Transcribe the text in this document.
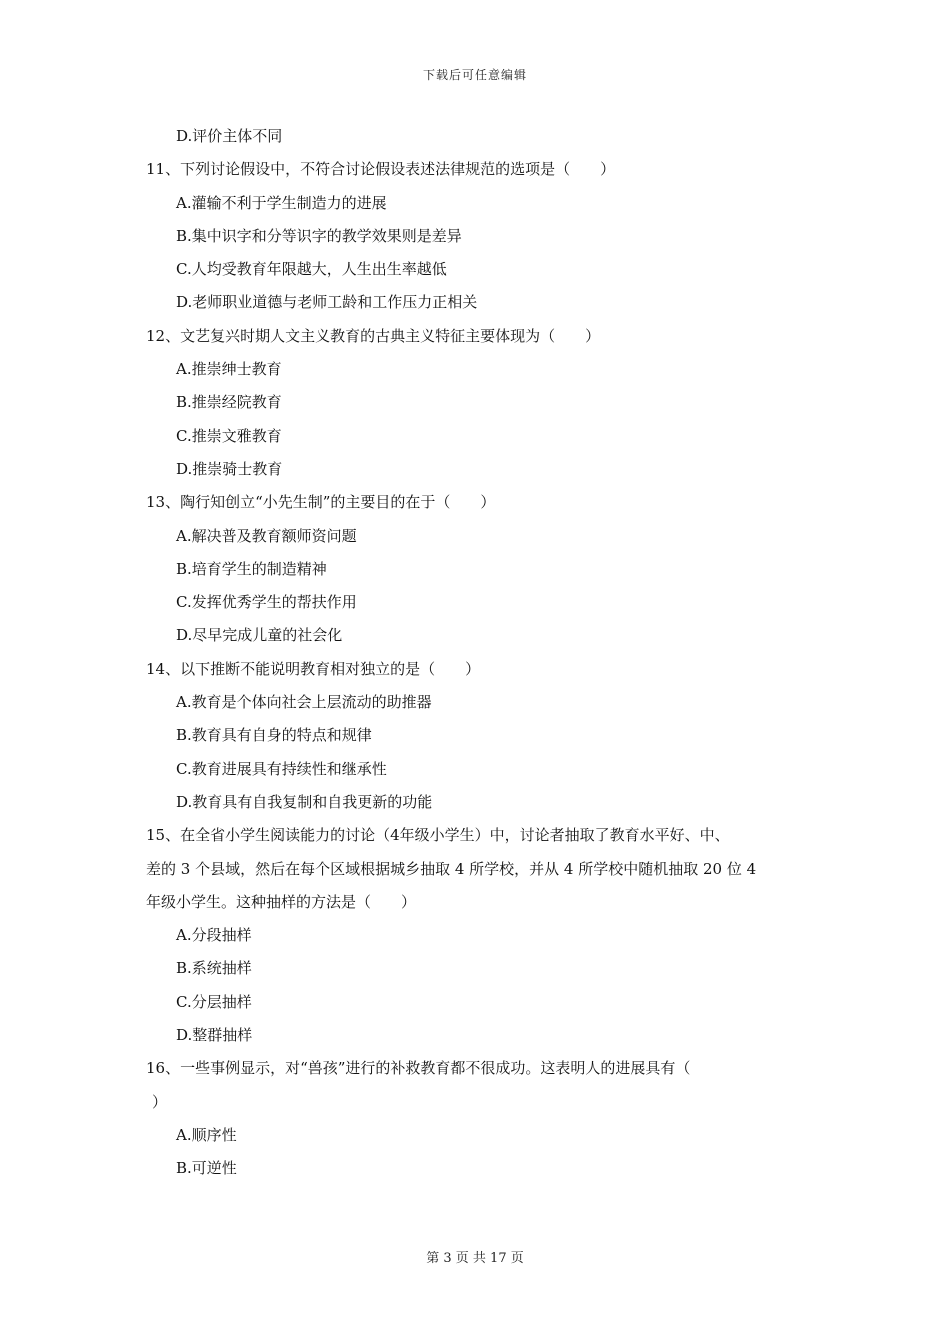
下载后可任意编辑
D.评价主体不同
11、下列讨论假设中，不符合讨论假设表述法律规范的选项是（　　）
A.灌输不利于学生制造力的进展
B.集中识字和分等识字的教学效果则是差异
C.人均受教育年限越大，人生出生率越低
D.老师职业道德与老师工龄和工作压力正相关
12、文艺复兴时期人文主义教育的古典主义特征主要体现为（　　）
A.推崇绅士教育
B.推崇经院教育
C.推崇文雅教育
D.推崇骑士教育
13、陶行知创立“小先生制”的主要目的在于（　　）
A.解决普及教育额师资问题
B.培育学生的制造精神
C.发挥优秀学生的帮扶作用
D.尽早完成儿童的社会化
14、以下推断不能说明教育相对独立的是（　　）
A.教育是个体向社会上层流动的助推器
B.教育具有自身的特点和规律
C.教育进展具有持续性和继承性
D.教育具有自我复制和自我更新的功能
15、在全省小学生阅读能力的讨论（4年级小学生）中，讨论者抽取了教育水平好、中、
差的 3 个县域，然后在每个区域根据城乡抽取 4 所学校，并从 4 所学校中随机抽取 20 位 4
年级小学生。这种抽样的方法是（　　）
A.分段抽样
B.系统抽样
C.分层抽样
D.整群抽样
16、一些事例显示，对“兽孩”进行的补救教育都不很成功。这表明人的进展具有（
）
A.顺序性
B.可逆性
第 3 页 共 17 页
